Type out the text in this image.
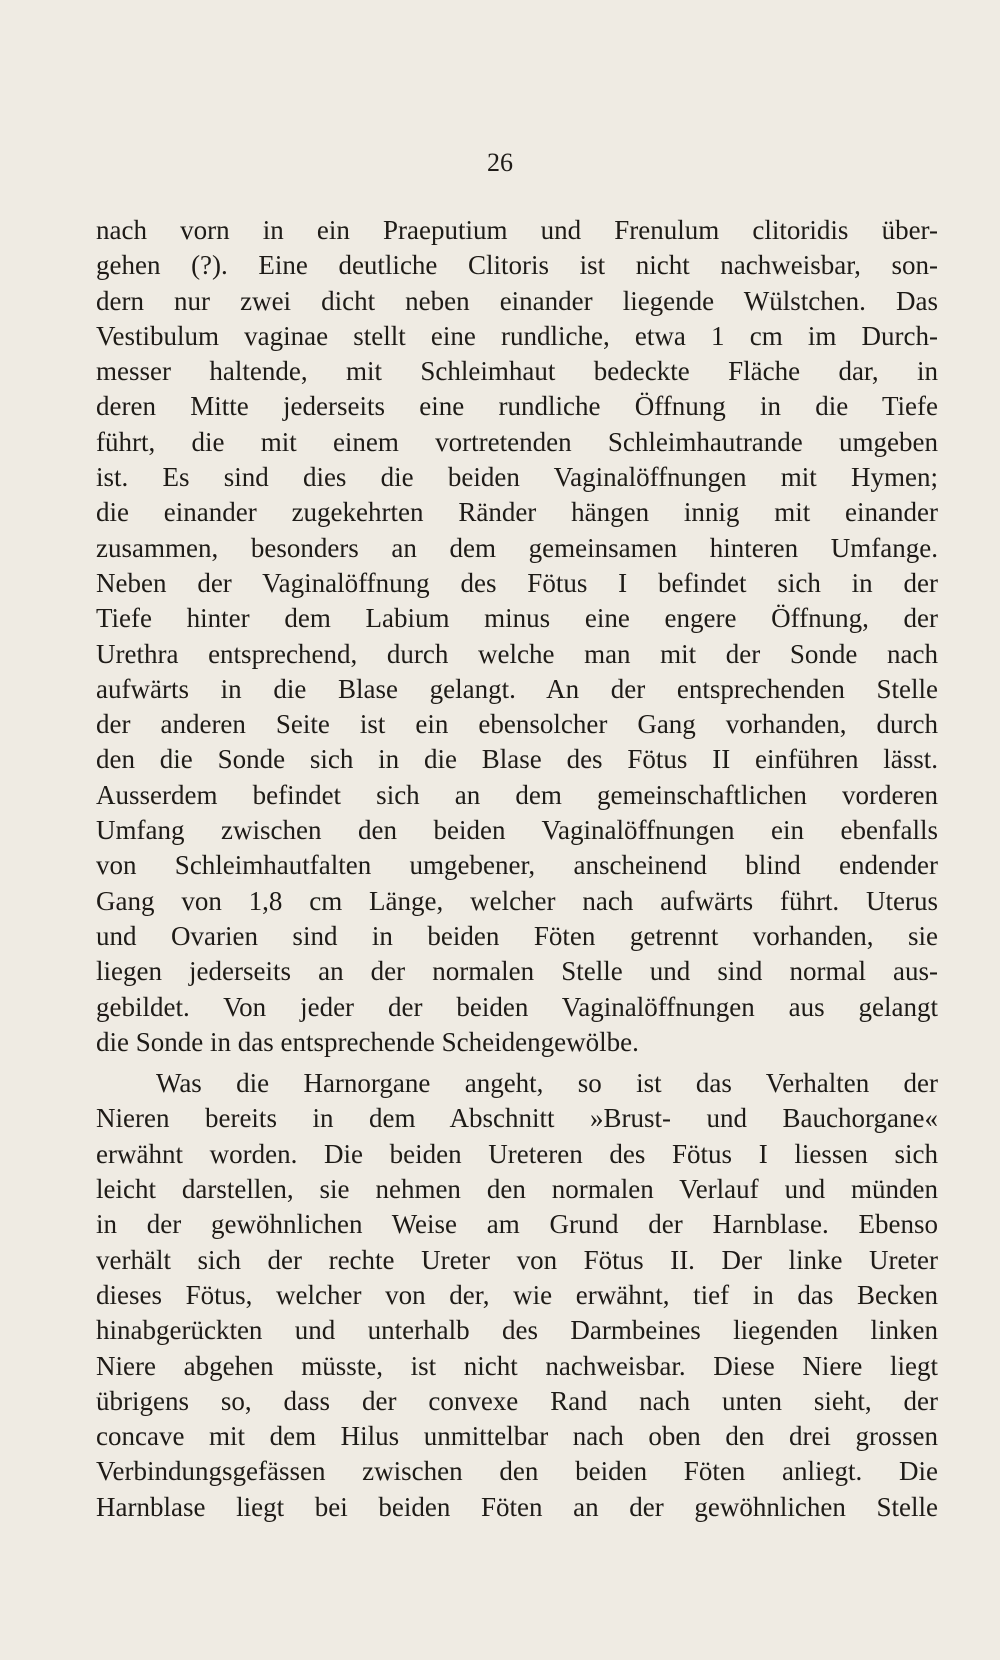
26
nach vorn in ein Praeputium und Frenulum clitoridis über-
gehen (?). Eine deutliche Clitoris ist nicht nachweisbar, son-
dern nur zwei dicht neben einander liegende Wülstchen. Das
Vestibulum vaginae stellt eine rundliche, etwa 1 cm im Durch-
messer haltende, mit Schleimhaut bedeckte Fläche dar, in
deren Mitte jederseits eine rundliche Öffnung in die Tiefe
führt, die mit einem vortretenden Schleimhautrande umgeben
ist. Es sind dies die beiden Vaginalöffnungen mit Hymen;
die einander zugekehrten Ränder hängen innig mit einander
zusammen, besonders an dem gemeinsamen hinteren Umfange.
Neben der Vaginalöffnung des Fötus I befindet sich in der
Tiefe hinter dem Labium minus eine engere Öffnung, der
Urethra entsprechend, durch welche man mit der Sonde nach
aufwärts in die Blase gelangt. An der entsprechenden Stelle
der anderen Seite ist ein ebensolcher Gang vorhanden, durch
den die Sonde sich in die Blase des Fötus II einführen lässt.
Ausserdem befindet sich an dem gemeinschaftlichen vorderen
Umfang zwischen den beiden Vaginalöffnungen ein ebenfalls
von Schleimhautfalten umgebener, anscheinend blind endender
Gang von 1,8 cm Länge, welcher nach aufwärts führt. Uterus
und Ovarien sind in beiden Föten getrennt vorhanden, sie
liegen jederseits an der normalen Stelle und sind normal aus-
gebildet. Von jeder der beiden Vaginalöffnungen aus gelangt
die Sonde in das entsprechende Scheidengewölbe.
Was die Harnorgane angeht, so ist das Verhalten der
Nieren bereits in dem Abschnitt »Brust- und Bauchorgane«
erwähnt worden. Die beiden Ureteren des Fötus I liessen sich
leicht darstellen, sie nehmen den normalen Verlauf und münden
in der gewöhnlichen Weise am Grund der Harnblase. Ebenso
verhält sich der rechte Ureter von Fötus II. Der linke Ureter
dieses Fötus, welcher von der, wie erwähnt, tief in das Becken
hinabgerückten und unterhalb des Darmbeines liegenden linken
Niere abgehen müsste, ist nicht nachweisbar. Diese Niere liegt
übrigens so, dass der convexe Rand nach unten sieht, der
concave mit dem Hilus unmittelbar nach oben den drei grossen
Verbindungsgefässen zwischen den beiden Föten anliegt. Die
Harnblase liegt bei beiden Föten an der gewöhnlichen Stelle
